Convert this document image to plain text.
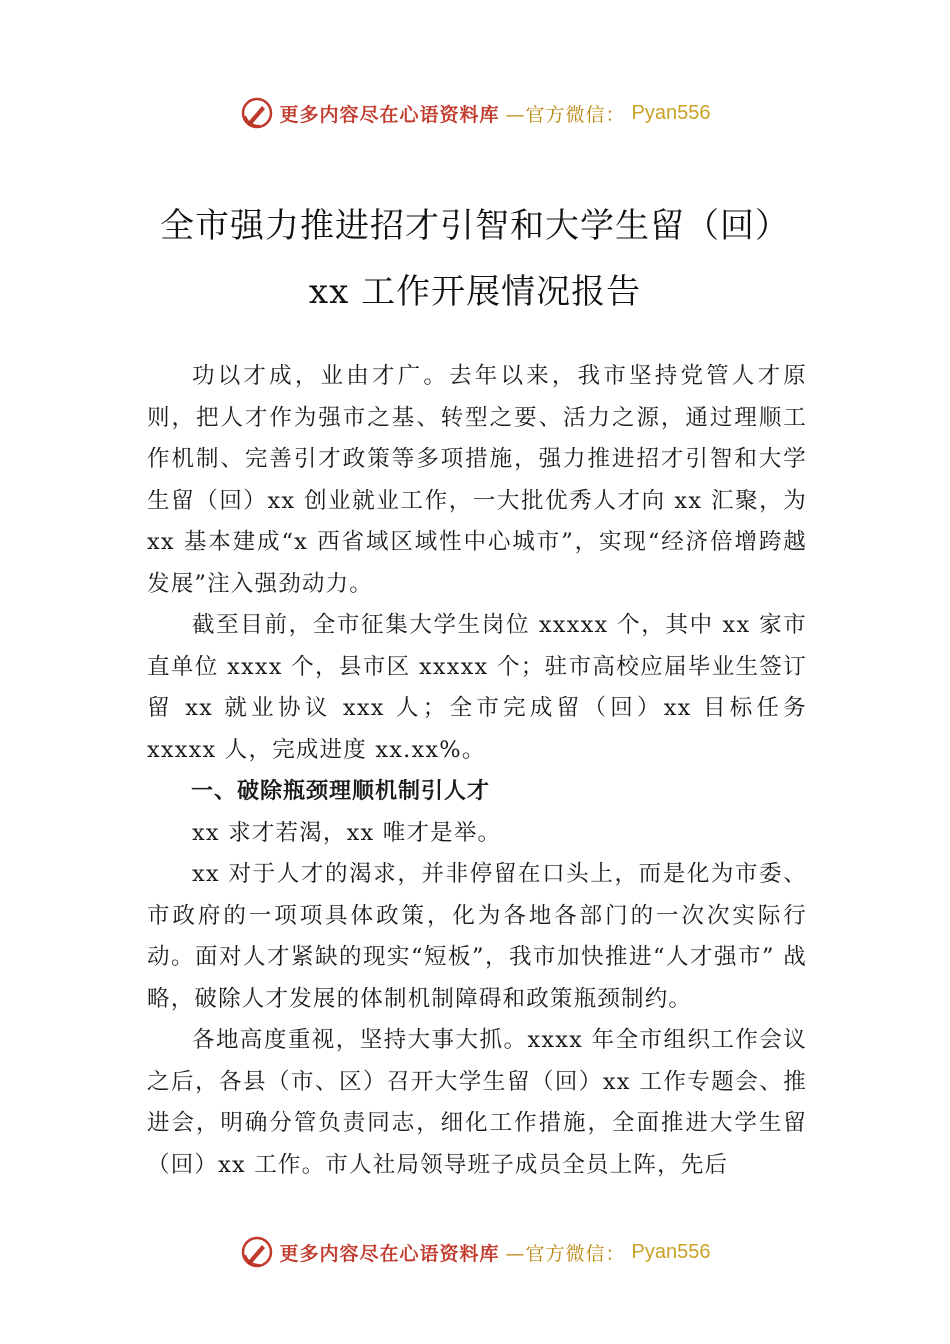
更多内容尽在心语资料库 —官方微信： Pyan556
全市强力推进招才引智和大学生留（回）
xx 工作开展情况报告

功以才成，业由才广。去年以来，我市坚持党管人才原则，把人才作为强市之基、转型之要、活力之源，通过理顺工作机制、完善引才政策等多项措施，强力推进招才引智和大学生留（回）xx 创业就业工作，一大批优秀人才向 xx 汇聚，为 xx 基本建成“x 西省域区域性中心城市”，实现“经济倍增跨越发展”注入强劲动力。

截至目前，全市征集大学生岗位 xxxxx 个，其中 xx 家市直单位 xxxx 个，县市区 xxxxx 个；驻市高校应届毕业生签订留 xx 就业协议 xxx 人；全市完成留（回）xx 目标任务 xxxxx 人，完成进度 xx.xx%。

一、破除瓶颈理顺机制引人才

xx 求才若渴，xx 唯才是举。

xx 对于人才的渴求，并非停留在口头上，而是化为市委、市政府的一项项具体政策，化为各地各部门的一次次实际行动。面对人才紧缺的现实“短板”，我市加快推进“人才强市” 战略，破除人才发展的体制机制障碍和政策瓶颈制约。

各地高度重视，坚持大事大抓。xxxx 年全市组织工作会议之后，各县（市、区）召开大学生留（回）xx 工作专题会、推进会，明确分管负责同志，细化工作措施，全面推进大学生留（回）xx 工作。市人社局领导班子成员全员上阵，先后

更多内容尽在心语资料库 —官方微信： Pyan556
